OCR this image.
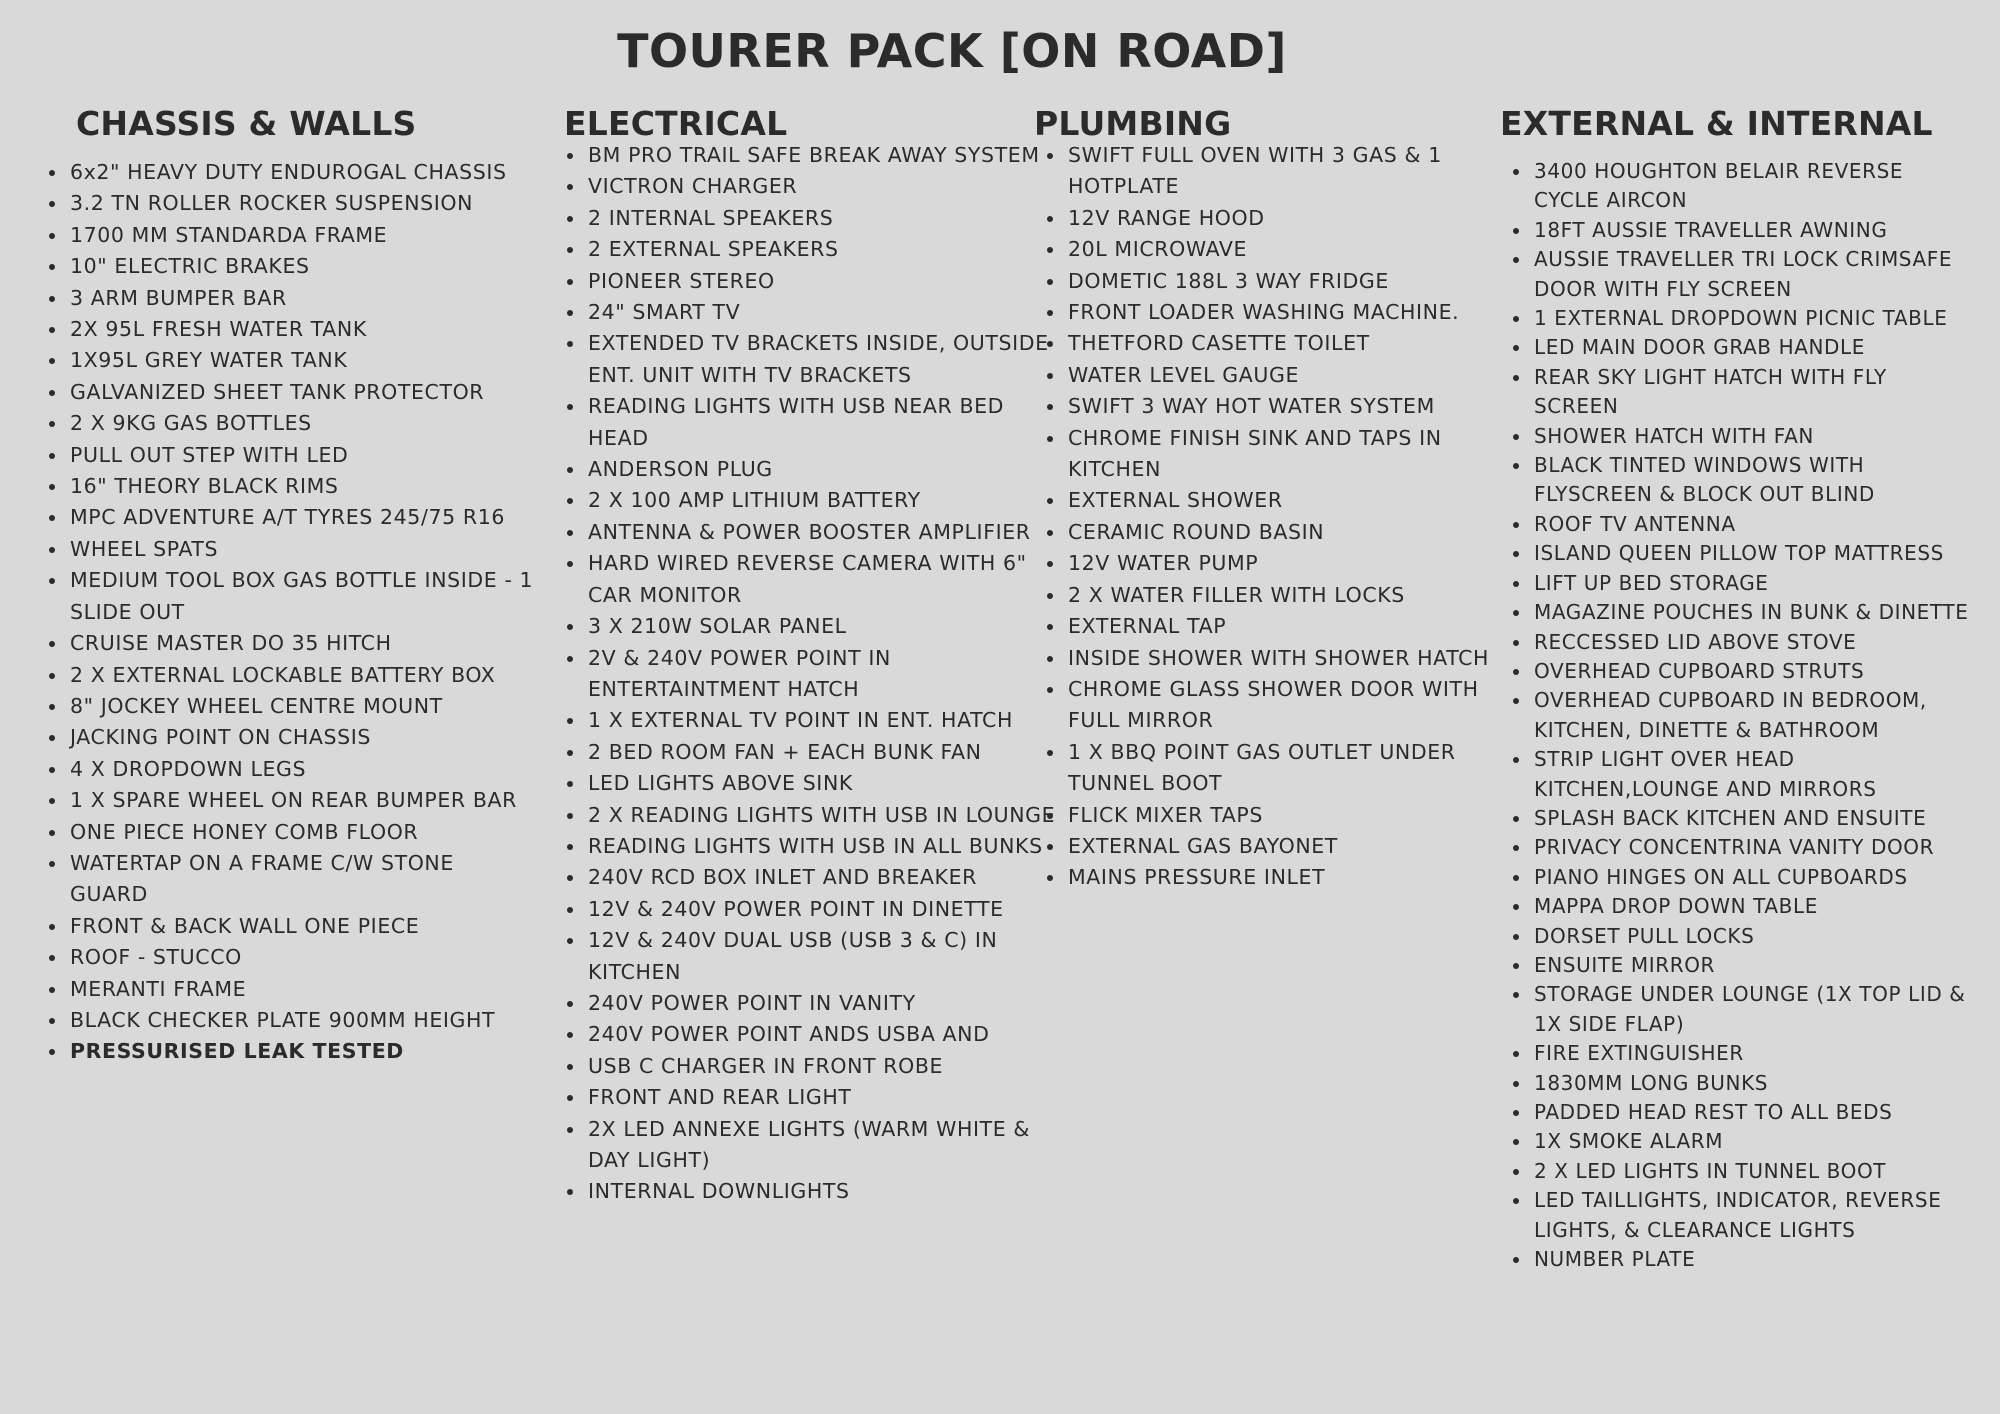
TOURER PACK [ON ROAD]
CHASSIS & WALLS
• 6x2" HEAVY DUTY ENDUROGAL CHASSIS
• 3.2 TN ROLLER ROCKER SUSPENSION
• 1700 MM STANDARDA FRAME
• 10" ELECTRIC BRAKES
• 3 ARM BUMPER BAR
• 2X 95L FRESH WATER TANK
• 1X95L GREY WATER TANK
• GALVANIZED SHEET TANK PROTECTOR
• 2 X 9KG GAS BOTTLES
• PULL OUT STEP WITH LED
• 16" THEORY BLACK RIMS
• MPC ADVENTURE A/T TYRES 245/75 R16
• WHEEL SPATS
• MEDIUM TOOL BOX GAS BOTTLE INSIDE - 1 SLIDE OUT
• CRUISE MASTER DO 35 HITCH
• 2 X EXTERNAL LOCKABLE BATTERY BOX
• 8" JOCKEY WHEEL CENTRE MOUNT
• JACKING POINT ON CHASSIS
• 4 X DROPDOWN LEGS
• 1 X SPARE WHEEL ON REAR BUMPER BAR
• ONE PIECE HONEY COMB FLOOR
• WATERTAP ON A FRAME C/W STONE GUARD
• FRONT & BACK WALL ONE PIECE
• ROOF - STUCCO
• MERANTI FRAME
• BLACK CHECKER PLATE 900MM HEIGHT
• PRESSURISED LEAK TESTED
ELECTRICAL
• BM PRO TRAIL SAFE BREAK AWAY SYSTEM
• VICTRON CHARGER
• 2 INTERNAL SPEAKERS
• 2 EXTERNAL SPEAKERS
• PIONEER STEREO
• 24" SMART TV
• EXTENDED TV BRACKETS INSIDE, OUTSIDE ENT. UNIT WITH TV BRACKETS
• READING LIGHTS WITH USB NEAR BED HEAD
• ANDERSON PLUG
• 2 X 100 AMP LITHIUM BATTERY
• ANTENNA & POWER BOOSTER AMPLIFIER
• HARD WIRED REVERSE CAMERA WITH 6" CAR MONITOR
• 3 X 210W SOLAR PANEL
• 2V & 240V POWER POINT IN ENTERTAINTMENT HATCH
• 1 X EXTERNAL TV POINT IN ENT. HATCH
• 2 BED ROOM FAN + EACH BUNK FAN
• LED LIGHTS ABOVE SINK
• 2 X READING LIGHTS WITH USB IN LOUNGE
• READING LIGHTS WITH USB IN ALL BUNKS
• 240V RCD BOX INLET AND BREAKER
• 12V & 240V POWER POINT IN DINETTE
• 12V & 240V DUAL USB (USB 3 & C) IN KITCHEN
• 240V POWER POINT IN VANITY
• 240V POWER POINT ANDS USBA AND
• USB C CHARGER IN FRONT ROBE
• FRONT AND REAR LIGHT
• 2X LED ANNEXE LIGHTS (WARM WHITE & DAY LIGHT)
• INTERNAL DOWNLIGHTS
PLUMBING
• SWIFT FULL OVEN WITH 3 GAS & 1 HOTPLATE
• 12V RANGE HOOD
• 20L MICROWAVE
• DOMETIC 188L 3 WAY FRIDGE
• FRONT LOADER WASHING MACHINE.
• THETFORD CASETTE TOILET
• WATER LEVEL GAUGE
• SWIFT 3 WAY HOT WATER SYSTEM
• CHROME FINISH SINK AND TAPS IN KITCHEN
• EXTERNAL SHOWER
• CERAMIC ROUND BASIN
• 12V WATER PUMP
• 2 X WATER FILLER WITH LOCKS
• EXTERNAL TAP
• INSIDE SHOWER WITH SHOWER HATCH
• CHROME GLASS SHOWER DOOR WITH FULL MIRROR
• 1 X BBQ POINT GAS OUTLET UNDER TUNNEL BOOT
• FLICK MIXER TAPS
• EXTERNAL GAS BAYONET
• MAINS PRESSURE INLET
EXTERNAL & INTERNAL
• 3400 HOUGHTON BELAIR REVERSE CYCLE AIRCON
• 18FT AUSSIE TRAVELLER AWNING
• AUSSIE TRAVELLER TRI LOCK CRIMSAFE DOOR WITH FLY SCREEN
• 1 EXTERNAL DROPDOWN PICNIC TABLE
• LED MAIN DOOR GRAB HANDLE
• REAR SKY LIGHT HATCH WITH FLY SCREEN
• SHOWER HATCH WITH FAN
• BLACK TINTED WINDOWS WITH FLYSCREEN & BLOCK OUT BLIND
• ROOF TV ANTENNA
• ISLAND QUEEN PILLOW TOP MATTRESS
• LIFT UP BED STORAGE
• MAGAZINE POUCHES IN BUNK & DINETTE
• RECCESSED LID ABOVE STOVE
• OVERHEAD CUPBOARD STRUTS
• OVERHEAD CUPBOARD IN BEDROOM, KITCHEN, DINETTE & BATHROOM
• STRIP LIGHT OVER HEAD KITCHEN,LOUNGE AND MIRRORS
• SPLASH BACK KITCHEN AND ENSUITE
• PRIVACY CONCENTRINA VANITY DOOR
• PIANO HINGES ON ALL CUPBOARDS
• MAPPA DROP DOWN TABLE
• DORSET PULL LOCKS
• ENSUITE MIRROR
• STORAGE UNDER LOUNGE (1X TOP LID & 1X SIDE FLAP)
• FIRE EXTINGUISHER
• 1830MM LONG BUNKS
• PADDED HEAD REST TO ALL BEDS
• 1X SMOKE ALARM
• 2 X LED LIGHTS IN TUNNEL BOOT
• LED TAILLIGHTS, INDICATOR, REVERSE LIGHTS, & CLEARANCE LIGHTS
• NUMBER PLATE
